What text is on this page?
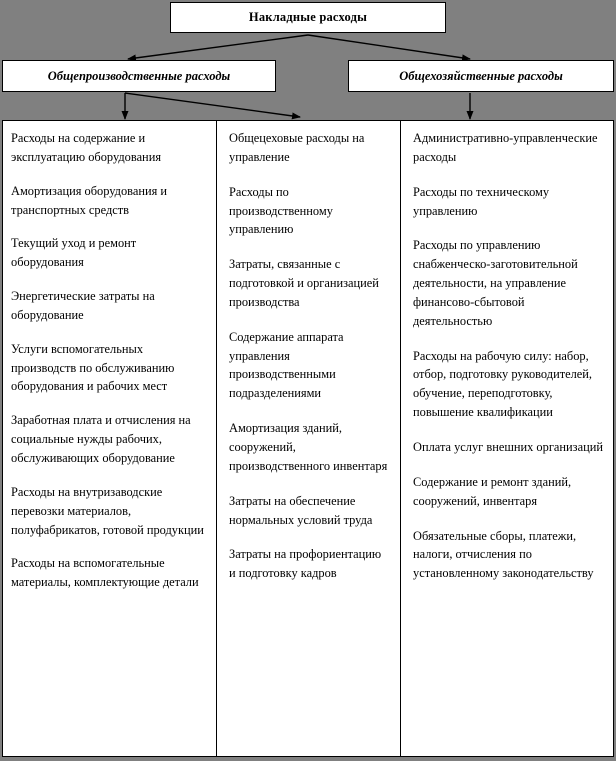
Накладные расходы
Общепроизводственные расходы	Общехозяйственные расходы

Расходы на содержание и эксплуатацию оборудования

Амортизация оборудования и транспортных средств

Текущий уход и ремонт оборудования

Энергетические затраты на оборудование

Услуги вспомогательных производств по обслуживанию оборудования и рабочих мест

Заработная плата и отчисления на социальные нужды рабочих, обслуживающих оборудование

Расходы на внутризаводские перевозки материалов, полуфабрикатов, готовой продукции

Расходы на вспомогательные материалы, комплектующие детали

Общецеховые расходы на управление

Расходы по производственному управлению

Затраты, связанные с подготовкой и организацией производства

Содержание аппарата управления производственными подразделениями

Амортизация зданий, сооружений, производственного инвентаря

Затраты на обеспечение нормальных условий труда

Затраты на профориентацию и подготовку кадров

Административно-управленческие расходы

Расходы по техническому управлению

Расходы по управлению снабженческо-заготовительной деятельности, на управление финансово-сбытовой деятельностью

Расходы на рабочую силу: набор, отбор, подготовку руководителей, обучение, переподготовку, повышение квалификации

Оплата услуг внешних организаций

Содержание и ремонт зданий, сооружений, инвентаря

Обязательные сборы, платежи, налоги, отчисления по установленному законодательству
